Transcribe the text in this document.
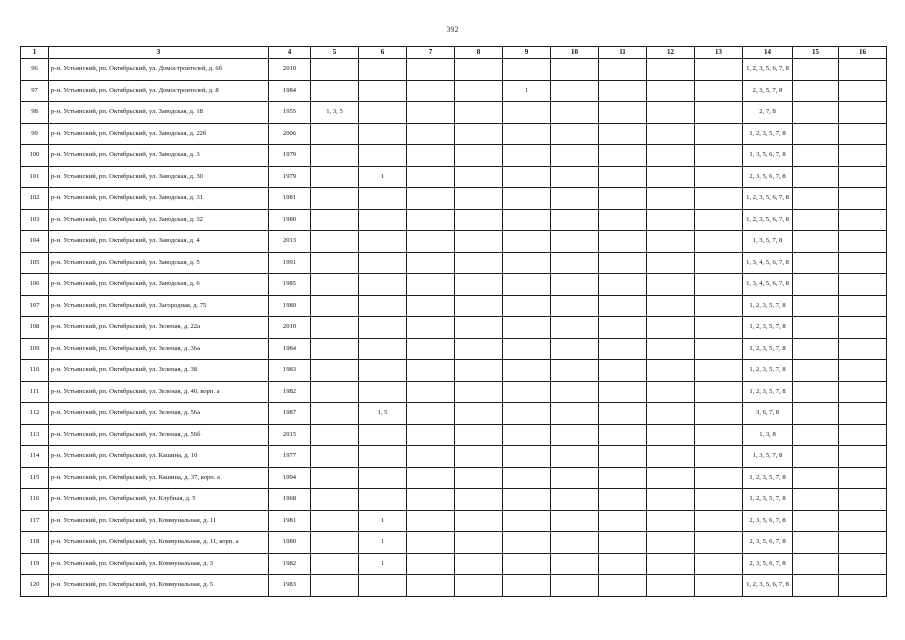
392
1	3	4	5	6	7	8	9	10	11	12	13	14	15	16
96	р-н. Устьянский, рп. Октябрьский, ул. Домостроителей, д. 6б	2010										1, 2, 3, 5, 6, 7, 8		
97	р-н. Устьянский, рп. Октябрьский, ул. Домостроителей, д. 8	1984					1					2, 3, 5, 7, 8		
98	р-н. Устьянский, рп. Октябрьский, ул. Заводская, д. 18	1955	1, 3, 5									2, 7, 8		
99	р-н. Устьянский, рп. Октябрьский, ул. Заводская, д. 22б	2006										1, 2, 3, 5, 7, 8		
100	р-н. Устьянский, рп. Октябрьский, ул. Заводская, д. 3	1979										1, 3, 5, 6, 7, 8		
101	р-н. Устьянский, рп. Октябрьский, ул. Заводская, д. 30	1979		1								2, 3, 5, 6, 7, 8		
102	р-н. Устьянский, рп. Октябрьский, ул. Заводская, д. 31	1981										1, 2, 3, 5, 6, 7, 8		
103	р-н. Устьянский, рп. Октябрьский, ул. Заводская, д. 32	1980										1, 2, 3, 5, 6, 7, 8		
104	р-н. Устьянский, рп. Октябрьский, ул. Заводская, д. 4	2013										1, 3, 5, 7, 8		
105	р-н. Устьянский, рп. Октябрьский, ул. Заводская, д. 5	1991										1, 3, 4, 5, 6, 7, 8		
106	р-н. Устьянский, рп. Октябрьский, ул. Заводская, д. 6	1985										1, 3, 4, 5, 6, 7, 8		
107	р-н. Устьянский, рп. Октябрьский, ул. Загородная, д. 75	1980										1, 2, 3, 5, 7, 8		
108	р-н. Устьянский, рп. Октябрьский, ул. Зеленая, д. 22а	2010										1, 2, 3, 5, 7, 8		
109	р-н. Устьянский, рп. Октябрьский, ул. Зеленая, д. 36а	1984										1, 2, 3, 5, 7, 8		
110	р-н. Устьянский, рп. Октябрьский, ул. Зеленая, д. 38	1983										1, 2, 3, 5, 7, 8		
111	р-н. Устьянский, рп. Октябрьский, ул. Зеленая, д. 40, корп. а	1982										1, 2, 3, 5, 7, 8		
112	р-н. Устьянский, рп. Октябрьский, ул. Зеленая, д. 56а	1987		1, 5								3, 6, 7, 8		
113	р-н. Устьянский, рп. Октябрьский, ул. Зеленая, д. 56б	2015										1, 3, 8		
114	р-н. Устьянский, рп. Октябрьский, ул. Кашина, д. 10	1977										1, 3, 5, 7, 8		
115	р-н. Устьянский, рп. Октябрьский, ул. Кашина, д. 37, корп. а	1994										1, 2, 3, 5, 7, 8		
116	р-н. Устьянский, рп. Октябрьский, ул. Клубная, д. 5	1968										1, 2, 3, 5, 7, 8		
117	р-н. Устьянский, рп. Октябрьский, ул. Коммунальная, д. 11	1981		1								2, 3, 5, 6, 7, 8		
118	р-н. Устьянский, рп. Октябрьский, ул. Коммунальная, д. 11, корп. а	1980		1								2, 3, 5, 6, 7, 8		
119	р-н. Устьянский, рп. Октябрьский, ул. Коммунальная, д. 3	1982		1								2, 3, 5, 6, 7, 8		
120	р-н. Устьянский, рп. Октябрьский, ул. Коммунальная, д. 5	1983										1, 2, 3, 5, 6, 7, 8		
